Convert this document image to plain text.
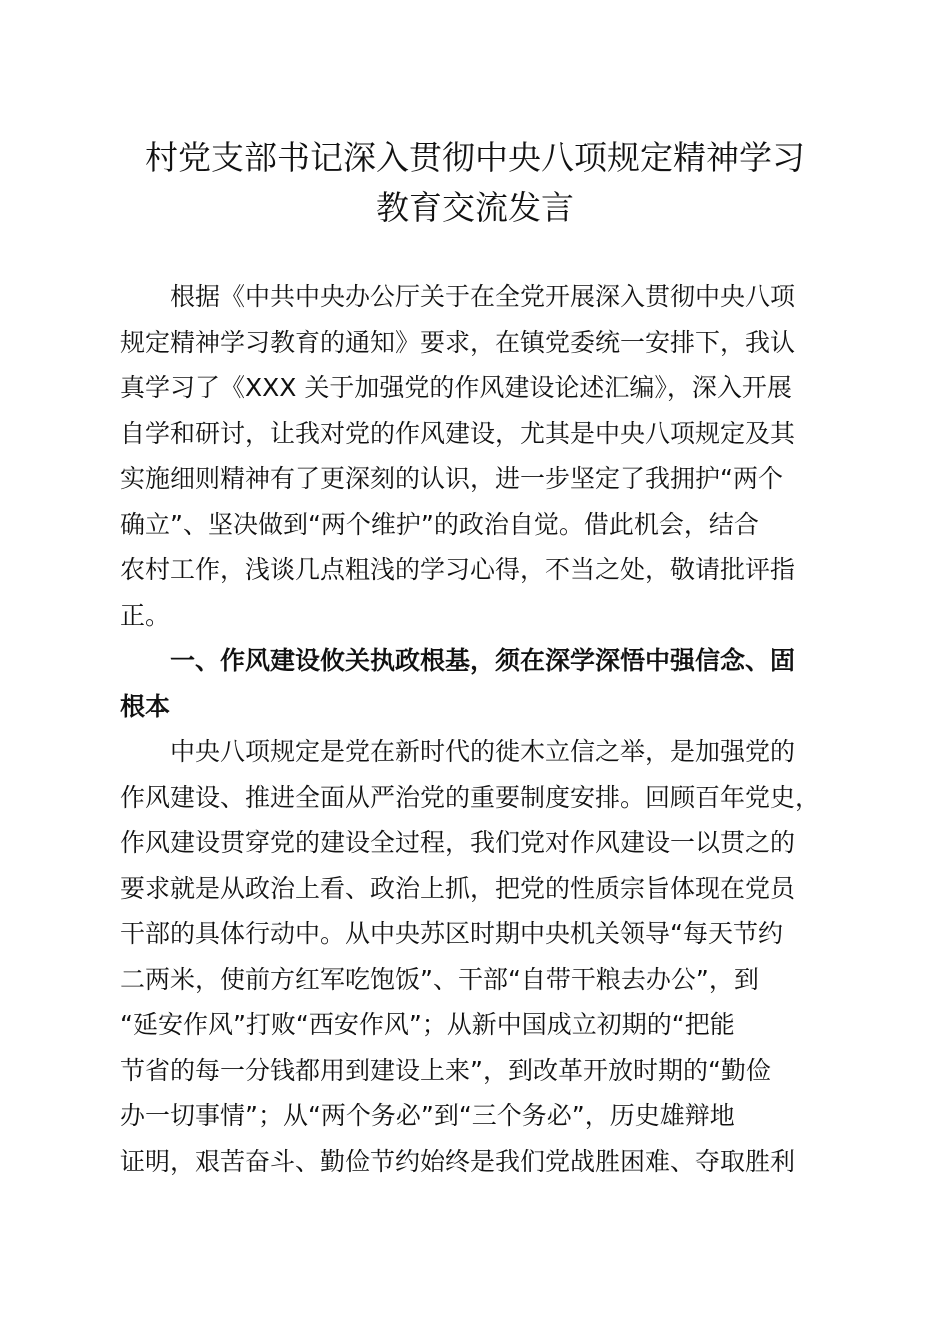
村党支部书记深入贯彻中央八项规定精神学习
教育交流发言
　　根据《中共中央办公厅关于在全党开展深入贯彻中央八项
规定精神学习教育的通知》要求，在镇党委统一安排下，我认
真学习了《XXX 关于加强党的作风建设论述汇编》，深入开展
自学和研讨，让我对党的作风建设，尤其是中央八项规定及其
实施细则精神有了更深刻的认识，进一步坚定了我拥护“两个
确立”、坚决做到“两个维护”的政治自觉。借此机会，结合
农村工作，浅谈几点粗浅的学习心得，不当之处，敬请批评指
正。
　　一、作风建设攸关执政根基，须在深学深悟中强信念、固
根本
　　中央八项规定是党在新时代的徙木立信之举，是加强党的
作风建设、推进全面从严治党的重要制度安排。回顾百年党史，
作风建设贯穿党的建设全过程，我们党对作风建设一以贯之的
要求就是从政治上看、政治上抓，把党的性质宗旨体现在党员
干部的具体行动中。从中央苏区时期中央机关领导“每天节约
二两米，使前方红军吃饱饭”、干部“自带干粮去办公”，到
“延安作风”打败“西安作风”；从新中国成立初期的“把能
节省的每一分钱都用到建设上来”，到改革开放时期的“勤俭
办一切事情”；从“两个务必”到“三个务必”，历史雄辩地
证明，艰苦奋斗、勤俭节约始终是我们党战胜困难、夺取胜利
